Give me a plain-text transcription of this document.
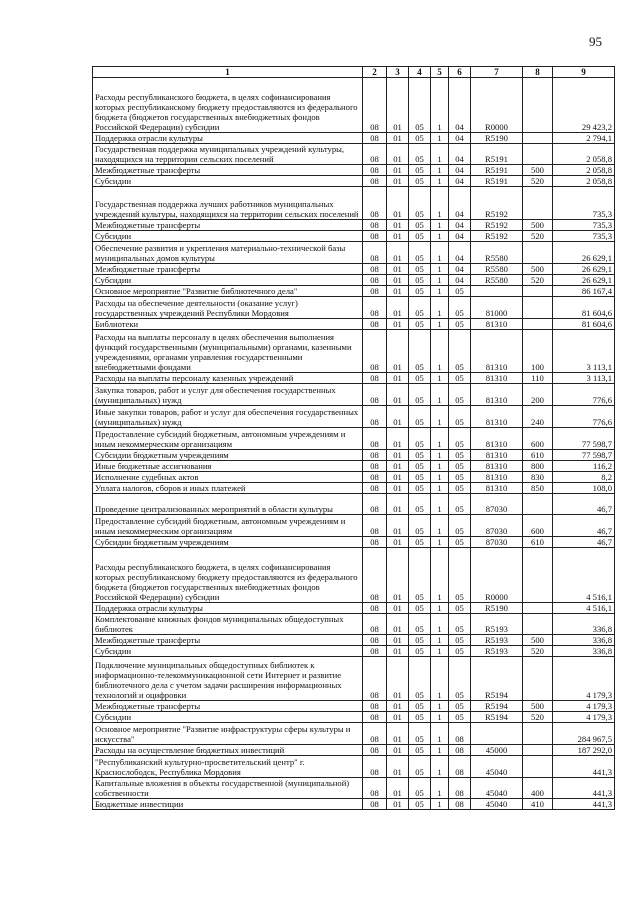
95
1	2	3	4	5	6	7	8	9
Расходы республиканского бюджета, в целях софинансирования которых республиканскому бюджету предоставляются из федерального бюджета (бюджетов государственных внебюджетных фондов Российской Федерации) субсидии	08	01	05	1	04	R0000		29 423,2
Поддержка отрасли культуры	08	01	05	1	04	R5190		2 794,1
Государственная поддержка муниципальных учреждений культуры, находящихся на территории сельских поселений	08	01	05	1	04	R5191		2 058,8
Межбюджетные трансферты	08	01	05	1	04	R5191	500	2 058,8
Субсидии	08	01	05	1	04	R5191	520	2 058,8
Государственная поддержка лучших работников муниципальных учреждений культуры, находящихся на территории сельских поселений	08	01	05	1	04	R5192		735,3
Межбюджетные трансферты	08	01	05	1	04	R5192	500	735,3
Субсидии	08	01	05	1	04	R5192	520	735,3
Обеспечение развития и укрепления материально-технической базы муниципальных домов культуры	08	01	05	1	04	R5580		26 629,1
Межбюджетные трансферты	08	01	05	1	04	R5580	500	26 629,1
Субсидии	08	01	05	1	04	R5580	520	26 629,1
Основное мероприятие "Развитие библиотечного дела"	08	01	05	1	05			86 167,4
Расходы на обеспечение деятельности (оказание услуг) государственных учреждений Республики Мордовия	08	01	05	1	05	81000		81 604,6
Библиотеки	08	01	05	1	05	81310		81 604,6
Расходы на выплаты персоналу в целях обеспечения выполнения функций государственными (муниципальными) органами, казенными учреждениями, органами управления государственными внебюджетными фондами	08	01	05	1	05	81310	100	3 113,1
Расходы на выплаты персоналу казенных учреждений	08	01	05	1	05	81310	110	3 113,1
Закупка товаров, работ и услуг для обеспечения государственных (муниципальных) нужд	08	01	05	1	05	81310	200	776,6
Иные закупки товаров, работ и услуг для обеспечения государственных (муниципальных) нужд	08	01	05	1	05	81310	240	776,6
Предоставление субсидий бюджетным, автономным учреждениям и иным некоммерческим организациям	08	01	05	1	05	81310	600	77 598,7
Субсидии бюджетным учреждениям	08	01	05	1	05	81310	610	77 598,7
Иные бюджетные ассигнования	08	01	05	1	05	81310	800	116,2
Исполнение судебных актов	08	01	05	1	05	81310	830	8,2
Уплата налогов, сборов и иных платежей	08	01	05	1	05	81310	850	108,0
Проведение централизованных мероприятий в области культуры	08	01	05	1	05	87030		46,7
Предоставление субсидий бюджетным, автономным учреждениям и иным некоммерческим организациям	08	01	05	1	05	87030	600	46,7
Субсидии бюджетным учреждениям	08	01	05	1	05	87030	610	46,7
Расходы республиканского бюджета, в целях софинансирования которых республиканскому бюджету предоставляются из федерального бюджета (бюджетов государственных внебюджетных фондов Российской Федерации) субсидии	08	01	05	1	05	R0000		4 516,1
Поддержка отрасли культуры	08	01	05	1	05	R5190		4 516,1
Комплектование книжных фондов муниципальных общедоступных библиотек	08	01	05	1	05	R5193		336,8
Межбюджетные трансферты	08	01	05	1	05	R5193	500	336,8
Субсидии	08	01	05	1	05	R5193	520	336,8
Подключение муниципальных общедоступных библиотек к информационно-телекоммуникационной сети Интернет и развитие библиотечного дела с учетом задачи расширения информационных технологий и оцифровки	08	01	05	1	05	R5194		4 179,3
Межбюджетные трансферты	08	01	05	1	05	R5194	500	4 179,3
Субсидии	08	01	05	1	05	R5194	520	4 179,3
Основное мероприятие "Развитие инфраструктуры сферы культуры и искусства"	08	01	05	1	08			284 967,5
Расходы на осуществление бюджетных инвестиций	08	01	05	1	08	45000		187 292,0
"Республиканский культурно-просветительский центр" г. Краснослободск, Республика Мордовия	08	01	05	1	08	45040		441,3
Капитальные вложения в объекты государственной (муниципальной) собственности	08	01	05	1	08	45040	400	441,3
Бюджетные инвестиции	08	01	05	1	08	45040	410	441,3
